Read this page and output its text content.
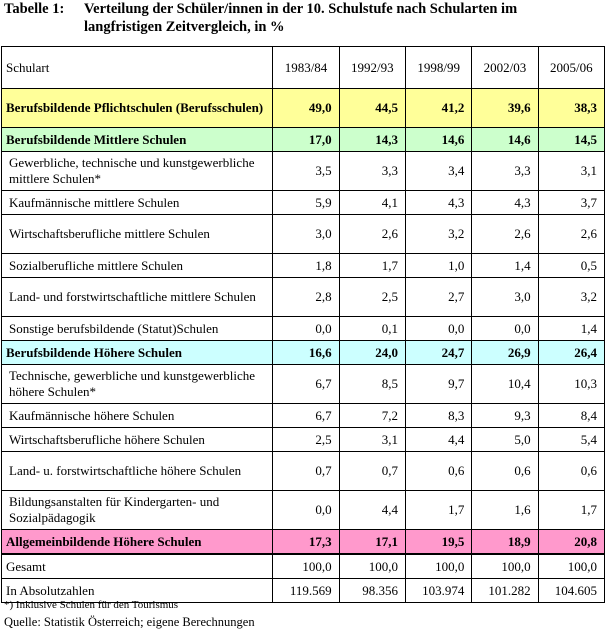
Tabelle 1: Verteilung der Schüler/innen in der 10. Schulstufe nach Schularten im langfristigen Zeitvergleich, in %
Schulart	1983/84	1992/93	1998/99	2002/03	2005/06
Berufsbildende Pflichtschulen (Berufsschulen)	49,0	44,5	41,2	39,6	38,3
Berufsbildende Mittlere Schulen	17,0	14,3	14,6	14,6	14,5
Gewerbliche, technische und kunstgewerbliche mittlere Schulen*	3,5	3,3	3,4	3,3	3,1
Kaufmännische mittlere Schulen	5,9	4,1	4,3	4,3	3,7
Wirtschaftsberufliche mittlere Schulen	3,0	2,6	3,2	2,6	2,6
Sozialberufliche mittlere Schulen	1,8	1,7	1,0	1,4	0,5
Land- und forstwirtschaftliche mittlere Schulen	2,8	2,5	2,7	3,0	3,2
Sonstige berufsbildende (Statut)Schulen	0,0	0,1	0,0	0,0	1,4
Berufsbildende Höhere Schulen	16,6	24,0	24,7	26,9	26,4
Technische, gewerbliche und kunstgewerbliche höhere Schulen*	6,7	8,5	9,7	10,4	10,3
Kaufmännische höhere Schulen	6,7	7,2	8,3	9,3	8,4
Wirtschaftsberufliche höhere Schulen	2,5	3,1	4,4	5,0	5,4
Land- u. forstwirtschaftliche höhere Schulen	0,7	0,7	0,6	0,6	0,6
Bildungsanstalten für Kindergarten- und Sozialpädagogik	0,0	4,4	1,7	1,6	1,7
Allgemeinbildende Höhere Schulen	17,3	17,1	19,5	18,9	20,8
Gesamt	100,0	100,0	100,0	100,0	100,0
In Absolutzahlen	119.569	98.356	103.974	101.282	104.605
*) Inklusive Schulen für den Tourismus
Quelle: Statistik Österreich; eigene Berechnungen
